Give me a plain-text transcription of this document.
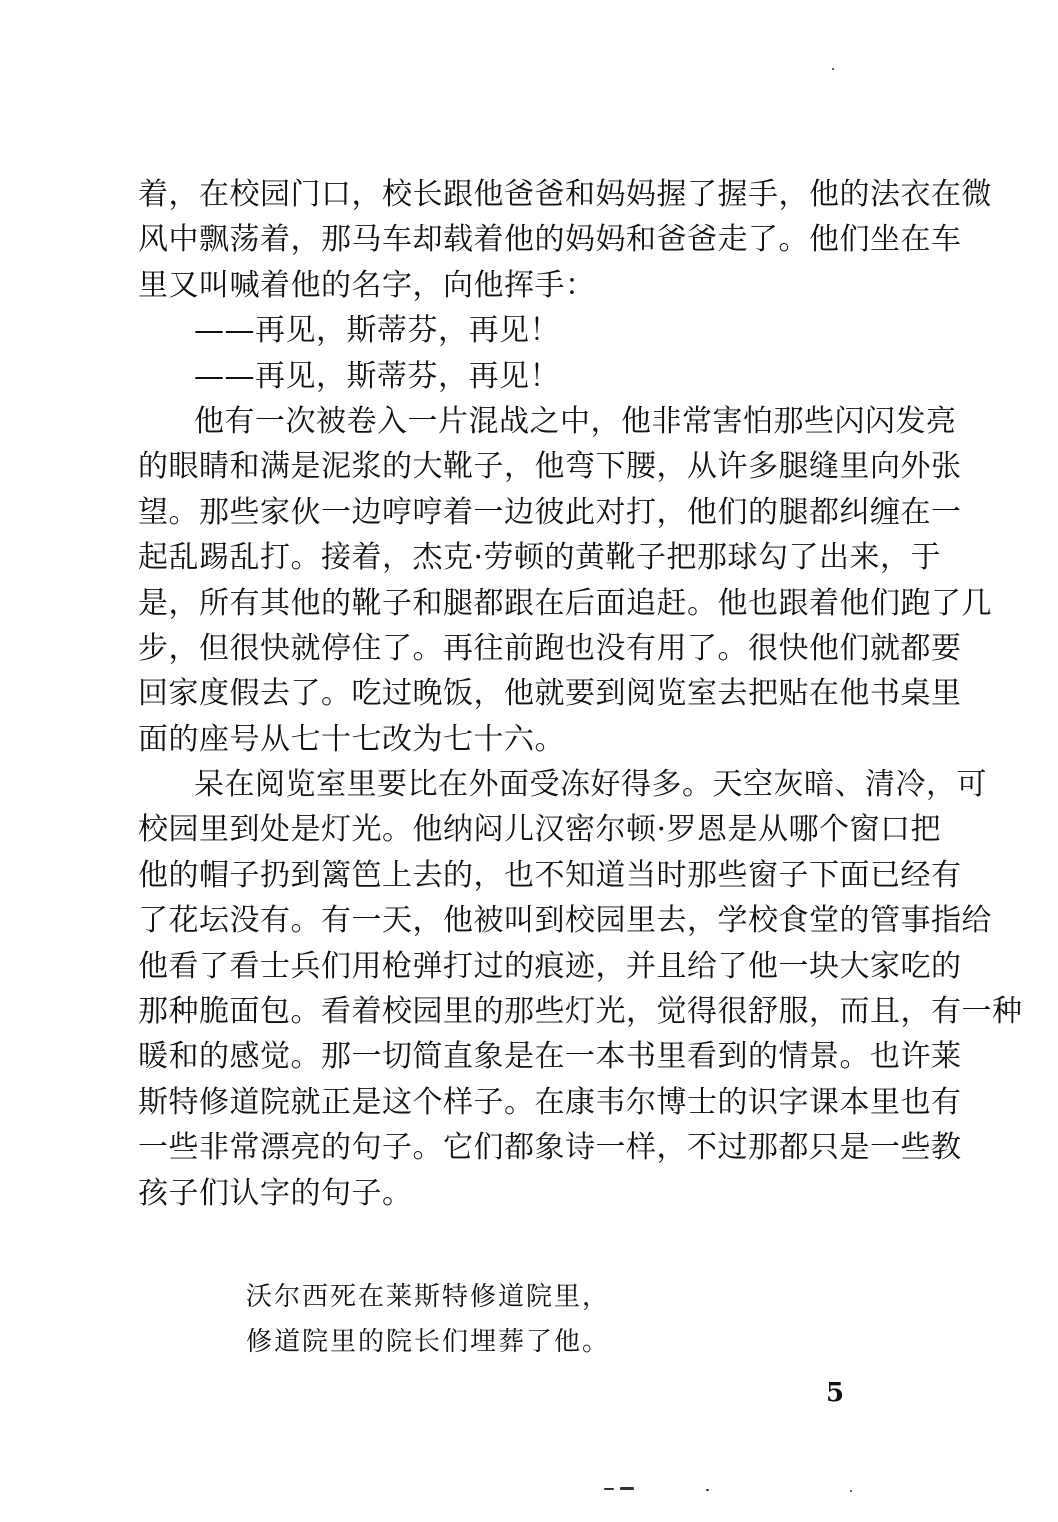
着，在校园门口，校长跟他爸爸和妈妈握了握手，他的法衣在微
风中飘荡着，那马车却载着他的妈妈和爸爸走了。他们坐在车
里又叫喊着他的名字，向他挥手：
——再见，斯蒂芬，再见！
——再见，斯蒂芬，再见！
他有一次被卷入一片混战之中，他非常害怕那些闪闪发亮
的眼睛和满是泥浆的大靴子，他弯下腰，从许多腿缝里向外张
望。那些家伙一边哼哼着一边彼此对打，他们的腿都纠缠在一
起乱踢乱打。接着，杰克·劳顿的黄靴子把那球勾了出来，于
是，所有其他的靴子和腿都跟在后面追赶。他也跟着他们跑了几
步，但很快就停住了。再往前跑也没有用了。很快他们就都要
回家度假去了。吃过晚饭，他就要到阅览室去把贴在他书桌里
面的座号从七十七改为七十六。
呆在阅览室里要比在外面受冻好得多。天空灰暗、清冷，可
校园里到处是灯光。他纳闷儿汉密尔顿·罗恩是从哪个窗口把
他的帽子扔到篱笆上去的，也不知道当时那些窗子下面已经有
了花坛没有。有一天，他被叫到校园里去，学校食堂的管事指给
他看了看士兵们用枪弹打过的痕迹，并且给了他一块大家吃的
那种脆面包。看着校园里的那些灯光，觉得很舒服，而且，有一种
暖和的感觉。那一切简直象是在一本书里看到的情景。也许莱
斯特修道院就正是这个样子。在康韦尔博士的识字课本里也有
一些非常漂亮的句子。它们都象诗一样，不过那都只是一些教
孩子们认字的句子。
沃尔西死在莱斯特修道院里，
修道院里的院长们埋葬了他。
5
